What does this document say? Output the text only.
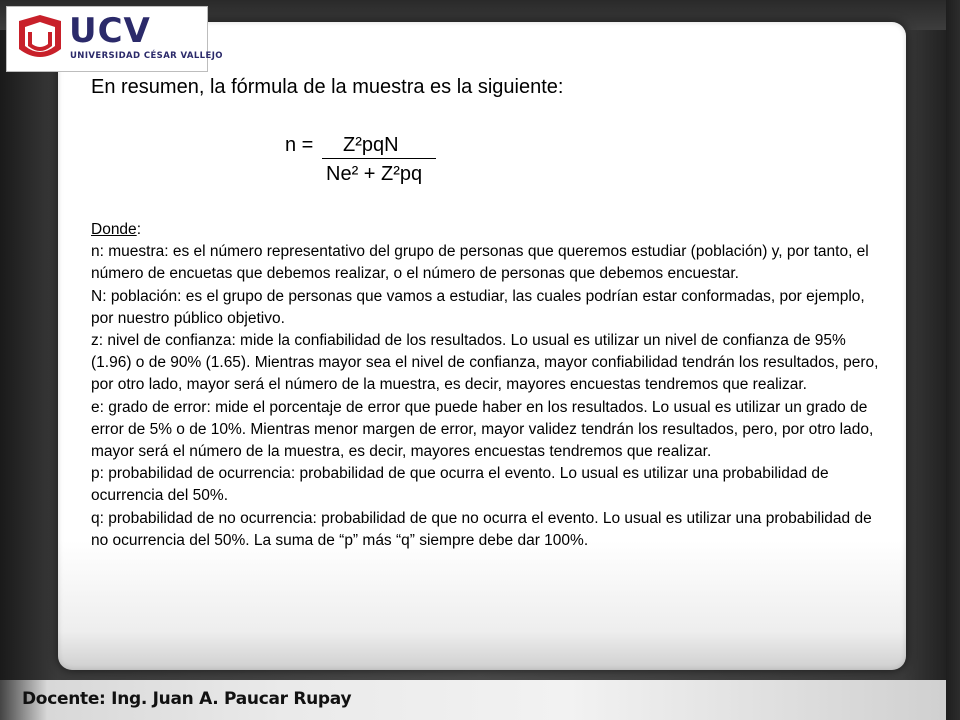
UCV
UNIVERSIDAD CÉSAR VALLEJO
En resumen, la fórmula de la muestra es la siguiente:
n = Z²pqN
Ne² + Z²pq

Donde:

n: muestra: es el número representativo del grupo de personas que queremos estudiar (población) y, por tanto, el número de encuetas que debemos realizar, o el número de personas que debemos encuestar.

N: población: es el grupo de personas que vamos a estudiar, las cuales podrían estar conformadas, por ejemplo, por nuestro público objetivo.

z: nivel de confianza: mide la confiabilidad de los resultados. Lo usual es utilizar un nivel de confianza de 95% (1.96) o de 90% (1.65). Mientras mayor sea el nivel de confianza, mayor confiabilidad tendrán los resultados, pero, por otro lado, mayor será el número de la muestra, es decir, mayores encuestas tendremos que realizar.

e: grado de error: mide el porcentaje de error que puede haber en los resultados. Lo usual es utilizar un grado de error de 5% o de 10%. Mientras menor margen de error, mayor validez tendrán los resultados, pero, por otro lado, mayor será el número de la muestra, es decir, mayores encuestas tendremos que realizar.

p: probabilidad de ocurrencia: probabilidad de que ocurra el evento. Lo usual es utilizar una probabilidad de ocurrencia del 50%.

q: probabilidad de no ocurrencia: probabilidad de que no ocurra el evento. Lo usual es utilizar una probabilidad de no ocurrencia del 50%. La suma de “p” más “q” siempre debe dar 100%.

Docente: Ing. Juan A. Paucar Rupay
